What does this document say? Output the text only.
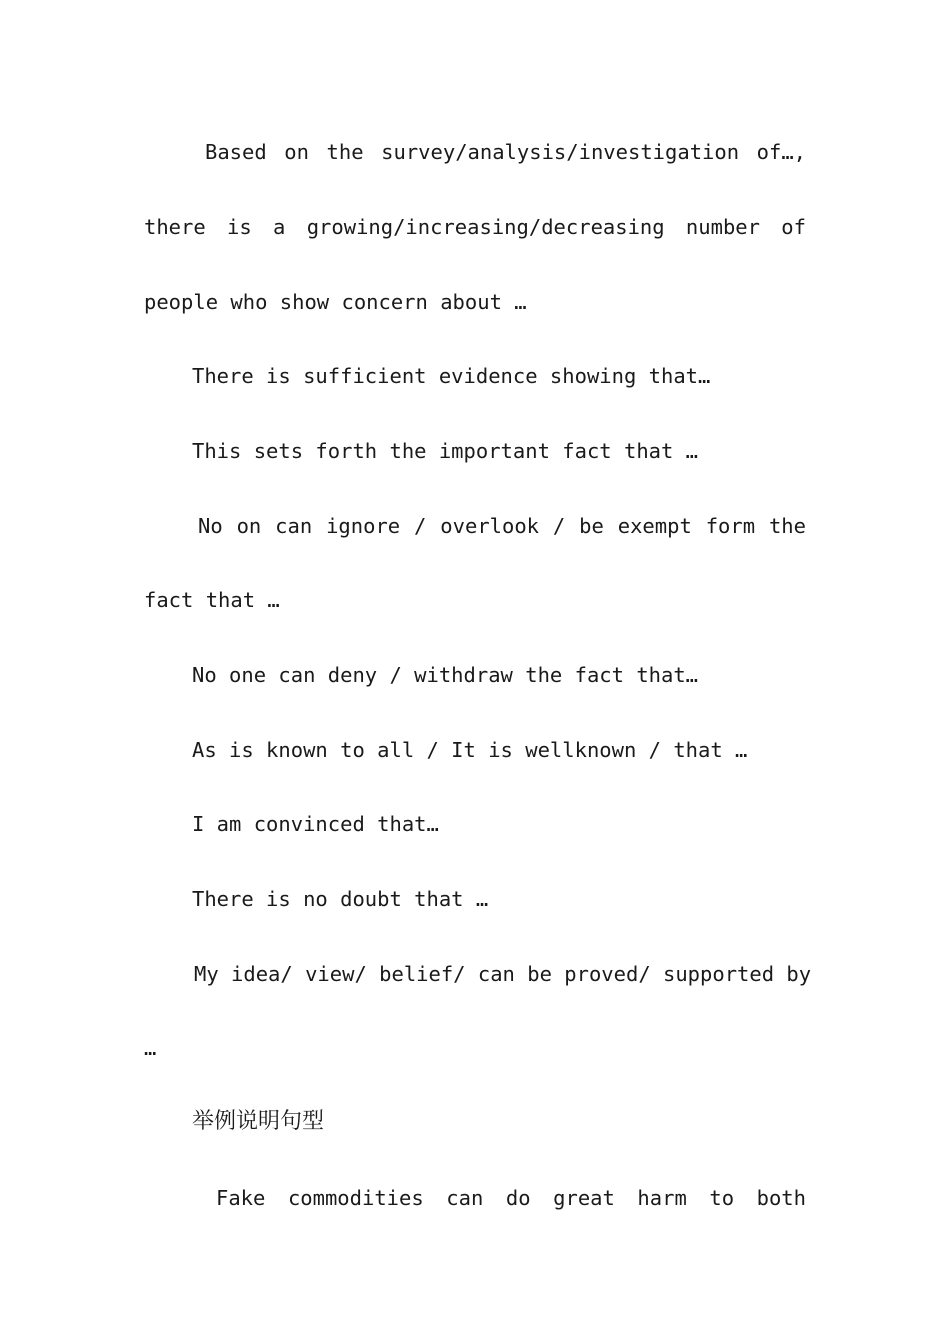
Based on the survey/analysis/investigation of…,
there is a growing/increasing/decreasing number of
people who show concern about …
There is sufficient evidence showing that…
This sets forth the important fact that …
No on can ignore / overlook / be exempt form the
fact that …
No one can deny / withdraw the fact that…
As is known to all / It is wellknown / that …
I am convinced that…
There is no doubt that …
My idea/ view/ belief/ can be proved/ supported by
…
举例说明句型
Fake commodities can do great harm to both
